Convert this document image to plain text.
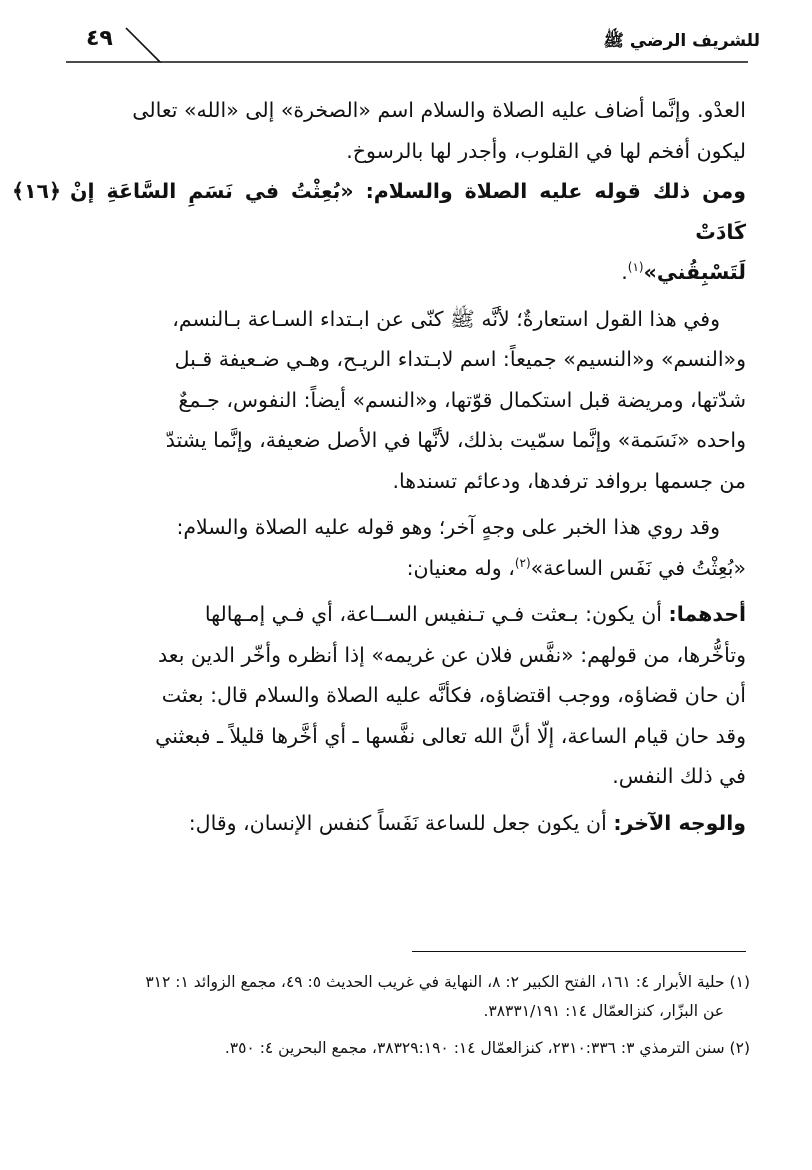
للشريف الرضي ﷺ
٤٩

العدْو. وإنَّما أضاف عليه الصلاة والسلام اسم «الصخرة» إلى «الله» تعالى
ليكون أفخم لها في القلوب، وأجدر لها بالرسوخ.

﴿١٦﴾ ومن ذلك قوله عليه الصلاة والسلام: «بُعِثْتُ في نَسَمِ السَّاعَةِ إنْ كَادَتْ
لَتَسْبِقُني»$^{(١)}$.

وفي هذا القول استعارةٌ؛ لأنَّه ﷺ كنّى عن ابـتداء السـاعة بـالنسم،
و«النسم» و«النسيم» جميعاً: اسم لابـتداء الريـح، وهـي ضـعيفة قـبل
شدّتها، ومريضة قبل استكمال قوّتها، و«النسم» أيضاً: النفوس، جـمعٌ
واحده «نَسَمة» وإنَّما سمّيت بذلك، لأنَّها في الأصل ضعيفة، وإنَّما يشتدّ
من جسمها بروافد ترفدها، ودعائم تسندها.

وقد روي هذا الخبر على وجهٍ آخر؛ وهو قوله عليه الصلاة والسلام:
«بُعِثْتُ في نَفَس الساعة»$^{(٢)}$، وله معنيان:

أحدهما: أن يكون: بـعثت فـي تـنفيس الســاعة، أي فـي إمـهالها
وتأخُّرها، من قولهم: «نفَّس فلان عن غريمه» إذا أنظره وأخّر الدين بعد
أن حان قضاؤه، ووجب اقتضاؤه، فكأنَّه عليه الصلاة والسلام قال: بعثت
وقد حان قيام الساعة، إلّا أنَّ الله تعالى نفَّسها ـ أي أخَّرها قليلاً ـ فبعثني
في ذلك النفس.

والوجه الآخر: أن يكون جعل للساعة نَفَساً كنفس الإنسان، وقال:

(١) حلية الأبرار ٤: ١٦١، الفتح الكبير ٢: ٨، النهاية في غريب الحديث ٥: ٤٩، مجمع الزوائد ١: ٣١٢
عن البزّار، كنزالعمّال ١٤: ٣٨٣٣١/١٩١.

(٢) سنن الترمذي ٣: ٢٣١٠:٣٣٦، كنزالعمّال ١٤: ٣٨٣٢٩:١٩٠، مجمع البحرين ٤: ٣٥٠.
